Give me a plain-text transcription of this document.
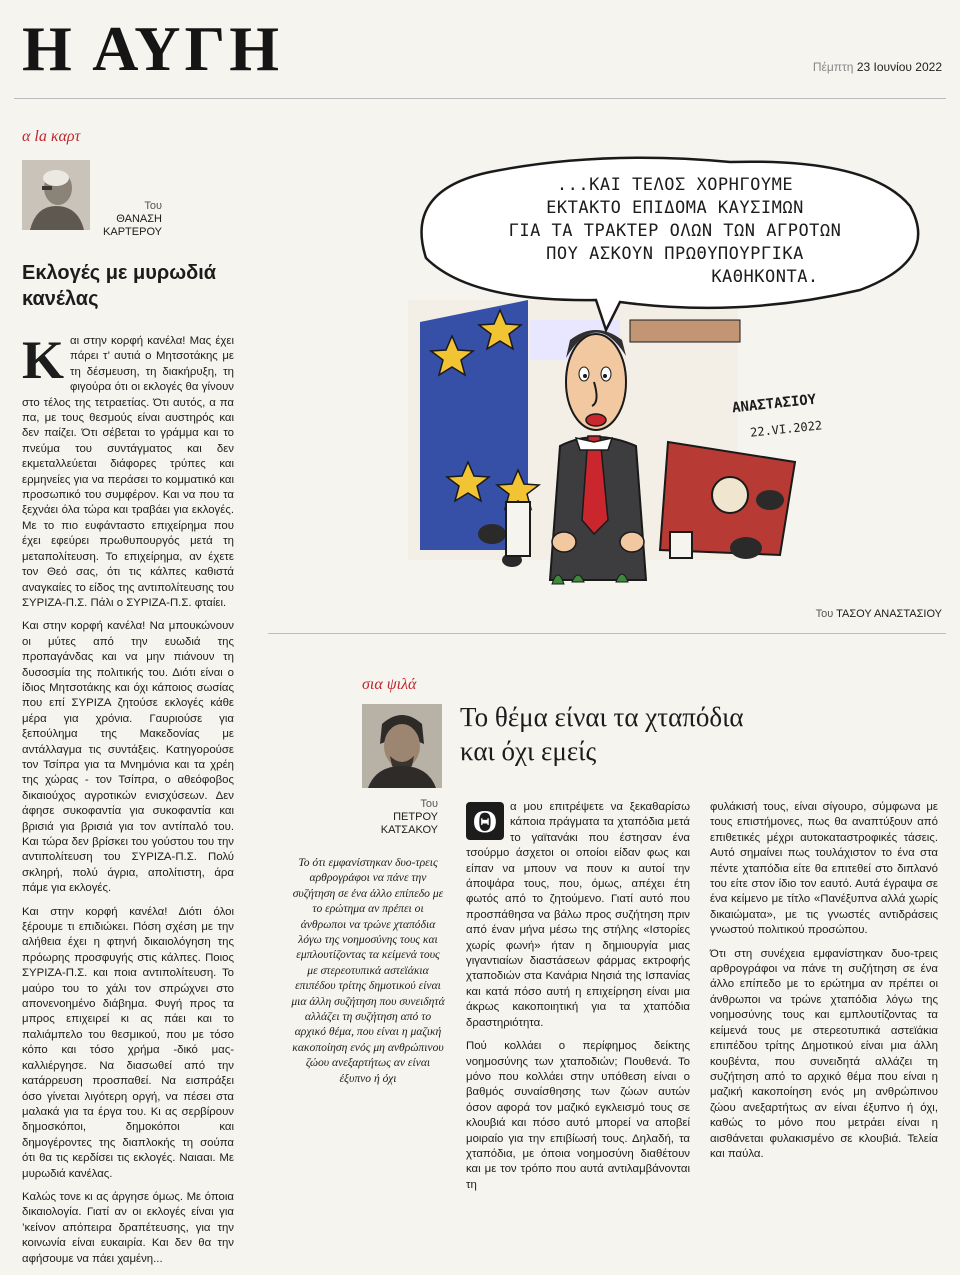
Η ΑΥΓΗ	Πέμπτη 23 Ιουνίου 2022
α la καρτ
Του
ΘΑΝΑΣΗ ΚΑΡΤΕΡΟΥ
Εκλογές με μυρωδιά κανέλας

Και στην κορφή κανέλα! Μας έχει πάρει τ’ αυτιά ο Μητσοτάκης με τη δέσμευση, τη διακήρυξη, τη φιγούρα ότι οι εκλογές θα γίνουν στο τέλος της τετραετίας. Ότι αυτός, α πα πα, με τους θεσμούς είναι αυστηρός και δεν παίζει. Ότι σέβεται το γράμμα και το πνεύμα του συντάγματος και δεν εκμεταλλεύεται διάφορες τρύπες και ερμηνείες για να περάσει το κομματικό και προσωπικό του συμφέρον. Και να που τα ξεχνάει όλα τώρα και τραβάει για εκλογές. Με το πιο ευφάνταστο επιχείρημα που έχει εφεύρει πρωθυπουργός μετά τη μεταπολίτευση. Το επιχείρημα, αν έχετε τον Θεό σας, ότι τις κάλπες καθιστά αναγκαίες το είδος της αντιπολίτευσης του ΣΥΡΙΖΑ-Π.Σ. Πάλι ο ΣΥΡΙΖΑ-Π.Σ. φταίει.

Και στην κορφή κανέλα! Να μπουκώνουν οι μύτες από την ευωδιά της προπαγάνδας και να μην πιάνουν τη δυσοσμία της πολιτικής του. Διότι είναι ο ίδιος Μητσοτάκης και όχι κάποιος σωσίας που επί ΣΥΡΙΖΑ ζητούσε εκλογές κάθε μέρα για χρόνια. Γαυριούσε για ξεπούλημα της Μακεδονίας με αντάλλαγμα τις συντάξεις. Κατηγορούσε τον Τσίπρα για τα Μνημόνια και τα χρέη της χώρας - τον Τσίπρα, ο αθεόφοβος δικαιούχος αγροτικών ενισχύσεων. Δεν άφησε συκοφαντία για συκοφαντία και βρισιά για βρισιά για τον αντίπαλό του. Και τώρα δεν βρίσκει του γούστου του την αντιπολίτευση του ΣΥΡΙΖΑ-Π.Σ. Πολύ σκληρή, πολύ άγρια, απολίτιστη, άρα πάμε για εκλογές.

Και στην κορφή κανέλα! Διότι όλοι ξέρουμε τι επιδιώκει. Πόση σχέση με την αλήθεια έχει η φτηνή δικαιολόγηση της πρόωρης προσφυγής στις κάλπες. Ποιος ΣΥΡΙΖΑ-Π.Σ. και ποια αντιπολίτευση. Το μαύρο του το χάλι τον σπρώχνει στο απονενοημένο διάβημα. Φυγή προς τα μπρος επιχειρεί κι ας πάει και το παλιάμπελο του θεσμικού, που με τόσο κόπο και τόσο χρήμα -δικό μας- καλλιέργησε. Να διασωθεί από την κατάρρευση προσπαθεί. Να εισπράξει όσο γίνεται λιγότερη οργή, να πέσει στα μαλακά για τα έργα του. Κι ας σερβίρουν δημοσκόποι, δημοκόποι και δημογέροντες της διαπλοκής τη σούπα ότι θα τις κερδίσει τις εκλογές. Ναιααι. Με μυρωδιά κανέλας.

Καλώς τονε κι ας άργησε όμως. Με όποια δικαιολογία. Γιατί αν οι εκλογές είναι για ’κείνον απόπειρα δραπέτευσης, για την κοινωνία είναι ευκαιρία. Και δεν θα την αφήσουμε να πάει χαμένη...

...ΚΑΙ ΤΕΛΟΣ ΧΟΡΗΓΟΥΜΕ
ΕΚΤΑΚΤΟ ΕΠΙΔΟΜΑ ΚΑΥΣΙΜΩΝ
ΓΙΑ ΤΑ ΤΡΑΚΤΕΡ ΟΛΩΝ ΤΩΝ ΑΓΡΟΤΩΝ
ΠΟΥ ΑΣΚΟΥΝ ΠΡΩΘΥΠΟΥΡΓΙΚΑ
ΚΑΘΗΚΟΝΤΑ.
ΑΝΑΣΤΑΣΙΟΥ
22.VI.2022
Του ΤΑΣΟΥ ΑΝΑΣΤΑΣΙΟΥ
σια ψιλά
Του
ΠΕΤΡΟΥ ΚΑΤΣΑΚΟΥ
Το θέμα είναι τα χταπόδια
και όχι εμείς
Το ότι εμφανίστηκαν δυο-τρεις αρθρογράφοι να πάνε την συζήτηση σε ένα άλλο επίπεδο με το ερώτημα αν πρέπει οι άνθρωποι να τρώνε χταπόδια λόγω της νοημοσύνης τους και εμπλουτίζοντας τα κείμενά τους με στερεοτυπικά αστεϊάκια επιπέδου τρίτης δημοτικού είναι μια άλλη συζήτηση που συνειδητά αλλάζει τη συζήτηση από το αρχικό θέμα, που είναι η μαζική κακοποίηση ενός μη ανθρώπινου ζώου ανεξαρτήτως αν είναι έξυπνο ή όχι

Θ	α μου επιτρέψετε να ξεκαθαρίσω κάποια πράγματα τα χταπόδια μετά το γαϊτανάκι που έστησαν ένα τσούρμο άσχετοι οι οποίοι είδαν φως και είπαν να μπουν να πουν κι αυτοί την άποψάρα τους, που, όμως, απέχει έτη φωτός από το ζητούμενο. Γιατί αυτό που προσπάθησα να βάλω προς συζήτηση πριν από έναν μήνα μέσω της στήλης «Ιστορίες χωρίς φωνή» ήταν η δημιουργία μιας γιγαντιαίων διαστάσεων φάρμας εκτροφής χταποδιών στα Κανάρια Νησιά της Ισπανίας και κατά πόσο αυτή η επιχείρηση είναι μια άκρως κακοποιητική για τα χταπόδια δραστηριότητα.

Πού κολλάει ο περίφημος δείκτης νοημοσύνης των χταποδιών; Πουθενά. Το μόνο που κολλάει στην υπόθεση είναι ο βαθμός συναίσθησης των ζώων αυτών όσον αφορά τον μαζικό εγκλεισμό τους σε κλουβιά και πόσο αυτό μπορεί να αποβεί μοιραίο για την επιβίωσή τους. Δηλαδή, τα χταπόδια, με όποια νοημοσύνη διαθέτουν και με τον τρόπο που αυτά αντιλαμβάνονται τη

φυλάκισή τους, είναι σίγουρο, σύμφωνα με τους επιστήμονες, πως θα αναπτύξουν από επιθετικές μέχρι αυτοκαταστροφικές τάσεις. Αυτό σημαίνει πως τουλάχιστον το ένα στα πέντε χταπόδια είτε θα επιτεθεί στο διπλανό του είτε στον ίδιο τον εαυτό. Αυτά έγραψα σε ένα κείμενο με τίτλο «Πανέξυπνα αλλά χωρίς δικαιώματα», με τις γνωστές αντιδράσεις γνωστού πολιτικού προσώπου.

Ότι στη συνέχεια εμφανίστηκαν δυο-τρεις αρθρογράφοι να πάνε τη συζήτηση σε ένα άλλο επίπεδο με το ερώτημα αν πρέπει οι άνθρωποι να τρώνε χταπόδια λόγω της νοημοσύνης τους και εμπλουτίζοντας τα κείμενά τους με στερεοτυπικά αστεϊάκια επιπέδου τρίτης Δημοτικού είναι μια άλλη κουβέντα, που συνειδητά αλλάζει τη συζήτηση από το αρχικό θέμα που είναι η μαζική κακοποίηση ενός μη ανθρώπινου ζώου ανεξαρτήτως αν είναι έξυπνο ή όχι, καθώς το μόνο που μετράει είναι η αισθάνεται φυλακισμένο σε κλουβιά. Τελεία και παύλα.
